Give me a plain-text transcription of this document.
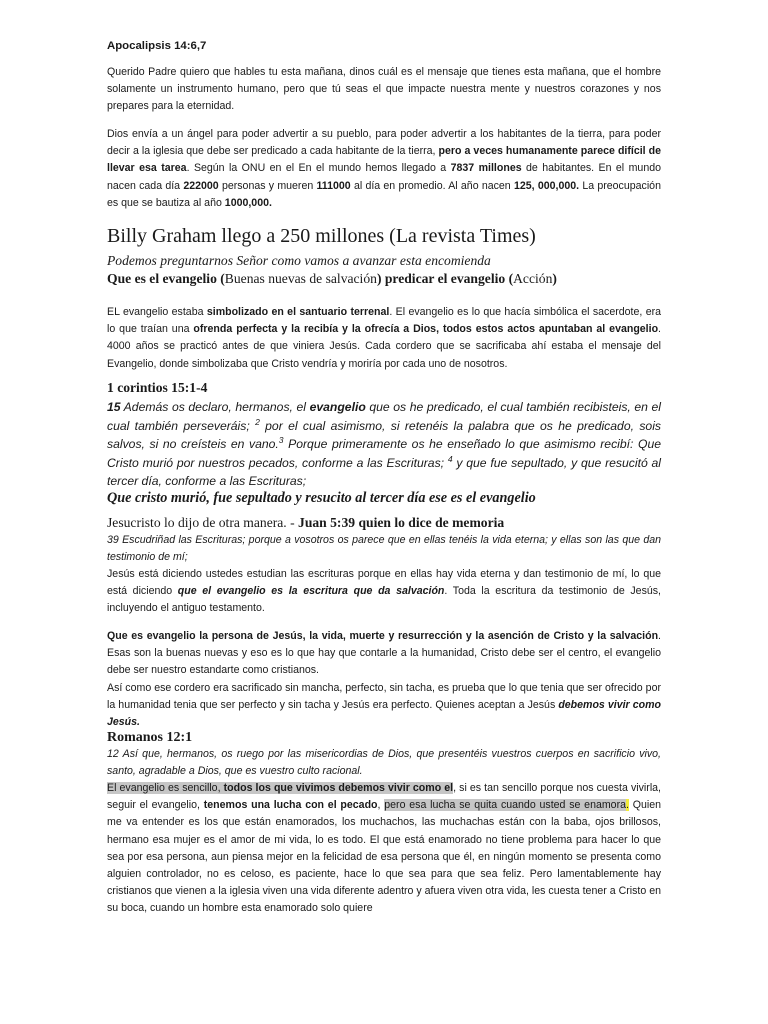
Apocalipsis 14:6,7

Querido Padre quiero que hables tu esta mañana, dinos cuál es el mensaje que tienes esta mañana, que el hombre solamente un instrumento humano, pero que tú seas el que impacte nuestra mente y nuestros corazones y nos prepares para la eternidad.

Dios envía a un ángel para poder advertir a su pueblo, para poder advertir a los habitantes de la tierra, para poder decir a la iglesia que debe ser predicado a cada habitante de la tierra, pero a veces humanamente parece difícil de llevar esa tarea. Según la ONU en el En el mundo hemos llegado a 7837 millones de habitantes. En el mundo nacen cada día 222000 personas y mueren 111000 al día en promedio. Al año nacen 125, 000,000. La preocupación es que se bautiza al año 1000,000.

Billy Graham llego a 250 millones (La revista Times)
Podemos preguntarnos Señor como vamos a avanzar esta encomienda
Que es el evangelio (Buenas nuevas de salvación) predicar el evangelio (Acción)

EL evangelio estaba simbolizado en el santuario terrenal. El evangelio es lo que hacía simbólica el sacerdote, era lo que traían una ofrenda perfecta y la recibía y la ofrecía a Dios, todos estos actos apuntaban al evangelio. 4000 años se practicó antes de que viniera Jesús. Cada cordero que se sacrificaba ahí estaba el mensaje del Evangelio, donde simbolizaba que Cristo vendría y moriría por cada uno de nosotros.

1 corintios 15:1-4

15 Además os declaro, hermanos, el evangelio que os he predicado, el cual también recibisteis, en el cual también perseveráis; $^2$ por el cual asimismo, si retenéis la palabra que os he predicado, sois salvos, si no creísteis en vano.$^3$ Porque primeramente os he enseñado lo que asimismo recibí: Que Cristo murió por nuestros pecados, conforme a las Escrituras; $^4$ y que fue sepultado, y que resucitó al tercer día, conforme a las Escrituras;

Que cristo murió, fue sepultado y resucito al tercer día ese es el evangelio
Jesucristo lo dijo de otra manera. - Juan 5:39 quien lo dice de memoria

39 Escudriñad las Escrituras; porque a vosotros os parece que en ellas tenéis la vida eterna; y ellas son las que dan testimonio de mí;

Jesús está diciendo ustedes estudian las escrituras porque en ellas hay vida eterna y dan testimonio de mí, lo que está diciendo que el evangelio es la escritura que da salvación. Toda la escritura da testimonio de Jesús, incluyendo el antiguo testamento.

Que es evangelio la persona de Jesús, la vida, muerte y resurrección y la asención de Cristo y la salvación. Esas son la buenas nuevas y eso es lo que hay que contarle a la humanidad, Cristo debe ser el centro, el evangelio debe ser nuestro estandarte como cristianos.

Así como ese cordero era sacrificado sin mancha, perfecto, sin tacha, es prueba que lo que tenia que ser ofrecido por la humanidad tenia que ser perfecto y sin tacha y Jesús era perfecto. Quienes aceptan a Jesús debemos vivir como Jesús.

Romanos 12:1

12 Así que, hermanos, os ruego por las misericordias de Dios, que presentéis vuestros cuerpos en sacrificio vivo, santo, agradable a Dios, que es vuestro culto racional.

El evangelio es sencillo, todos los que vivimos debemos vivir como el, si es tan sencillo porque nos cuesta vivirla, seguir el evangelio, tenemos una lucha con el pecado, pero esa lucha se quita cuando usted se enamora. Quien me va entender es los que están enamorados, los muchachos, las muchachas están con la baba, ojos brillosos, hermano esa mujer es el amor de mi vida, lo es todo. El que está enamorado no tiene problema para hacer lo que sea por esa persona, aun piensa mejor en la felicidad de esa persona que él, en ningún momento se presenta como alguien controlador, no es celoso, es paciente, hace lo que sea para que sea feliz. Pero lamentablemente hay cristianos que vienen a la iglesia viven una vida diferente adentro y afuera viven otra vida, les cuesta tener a Cristo en su boca, cuando un hombre esta enamorado solo quiere
